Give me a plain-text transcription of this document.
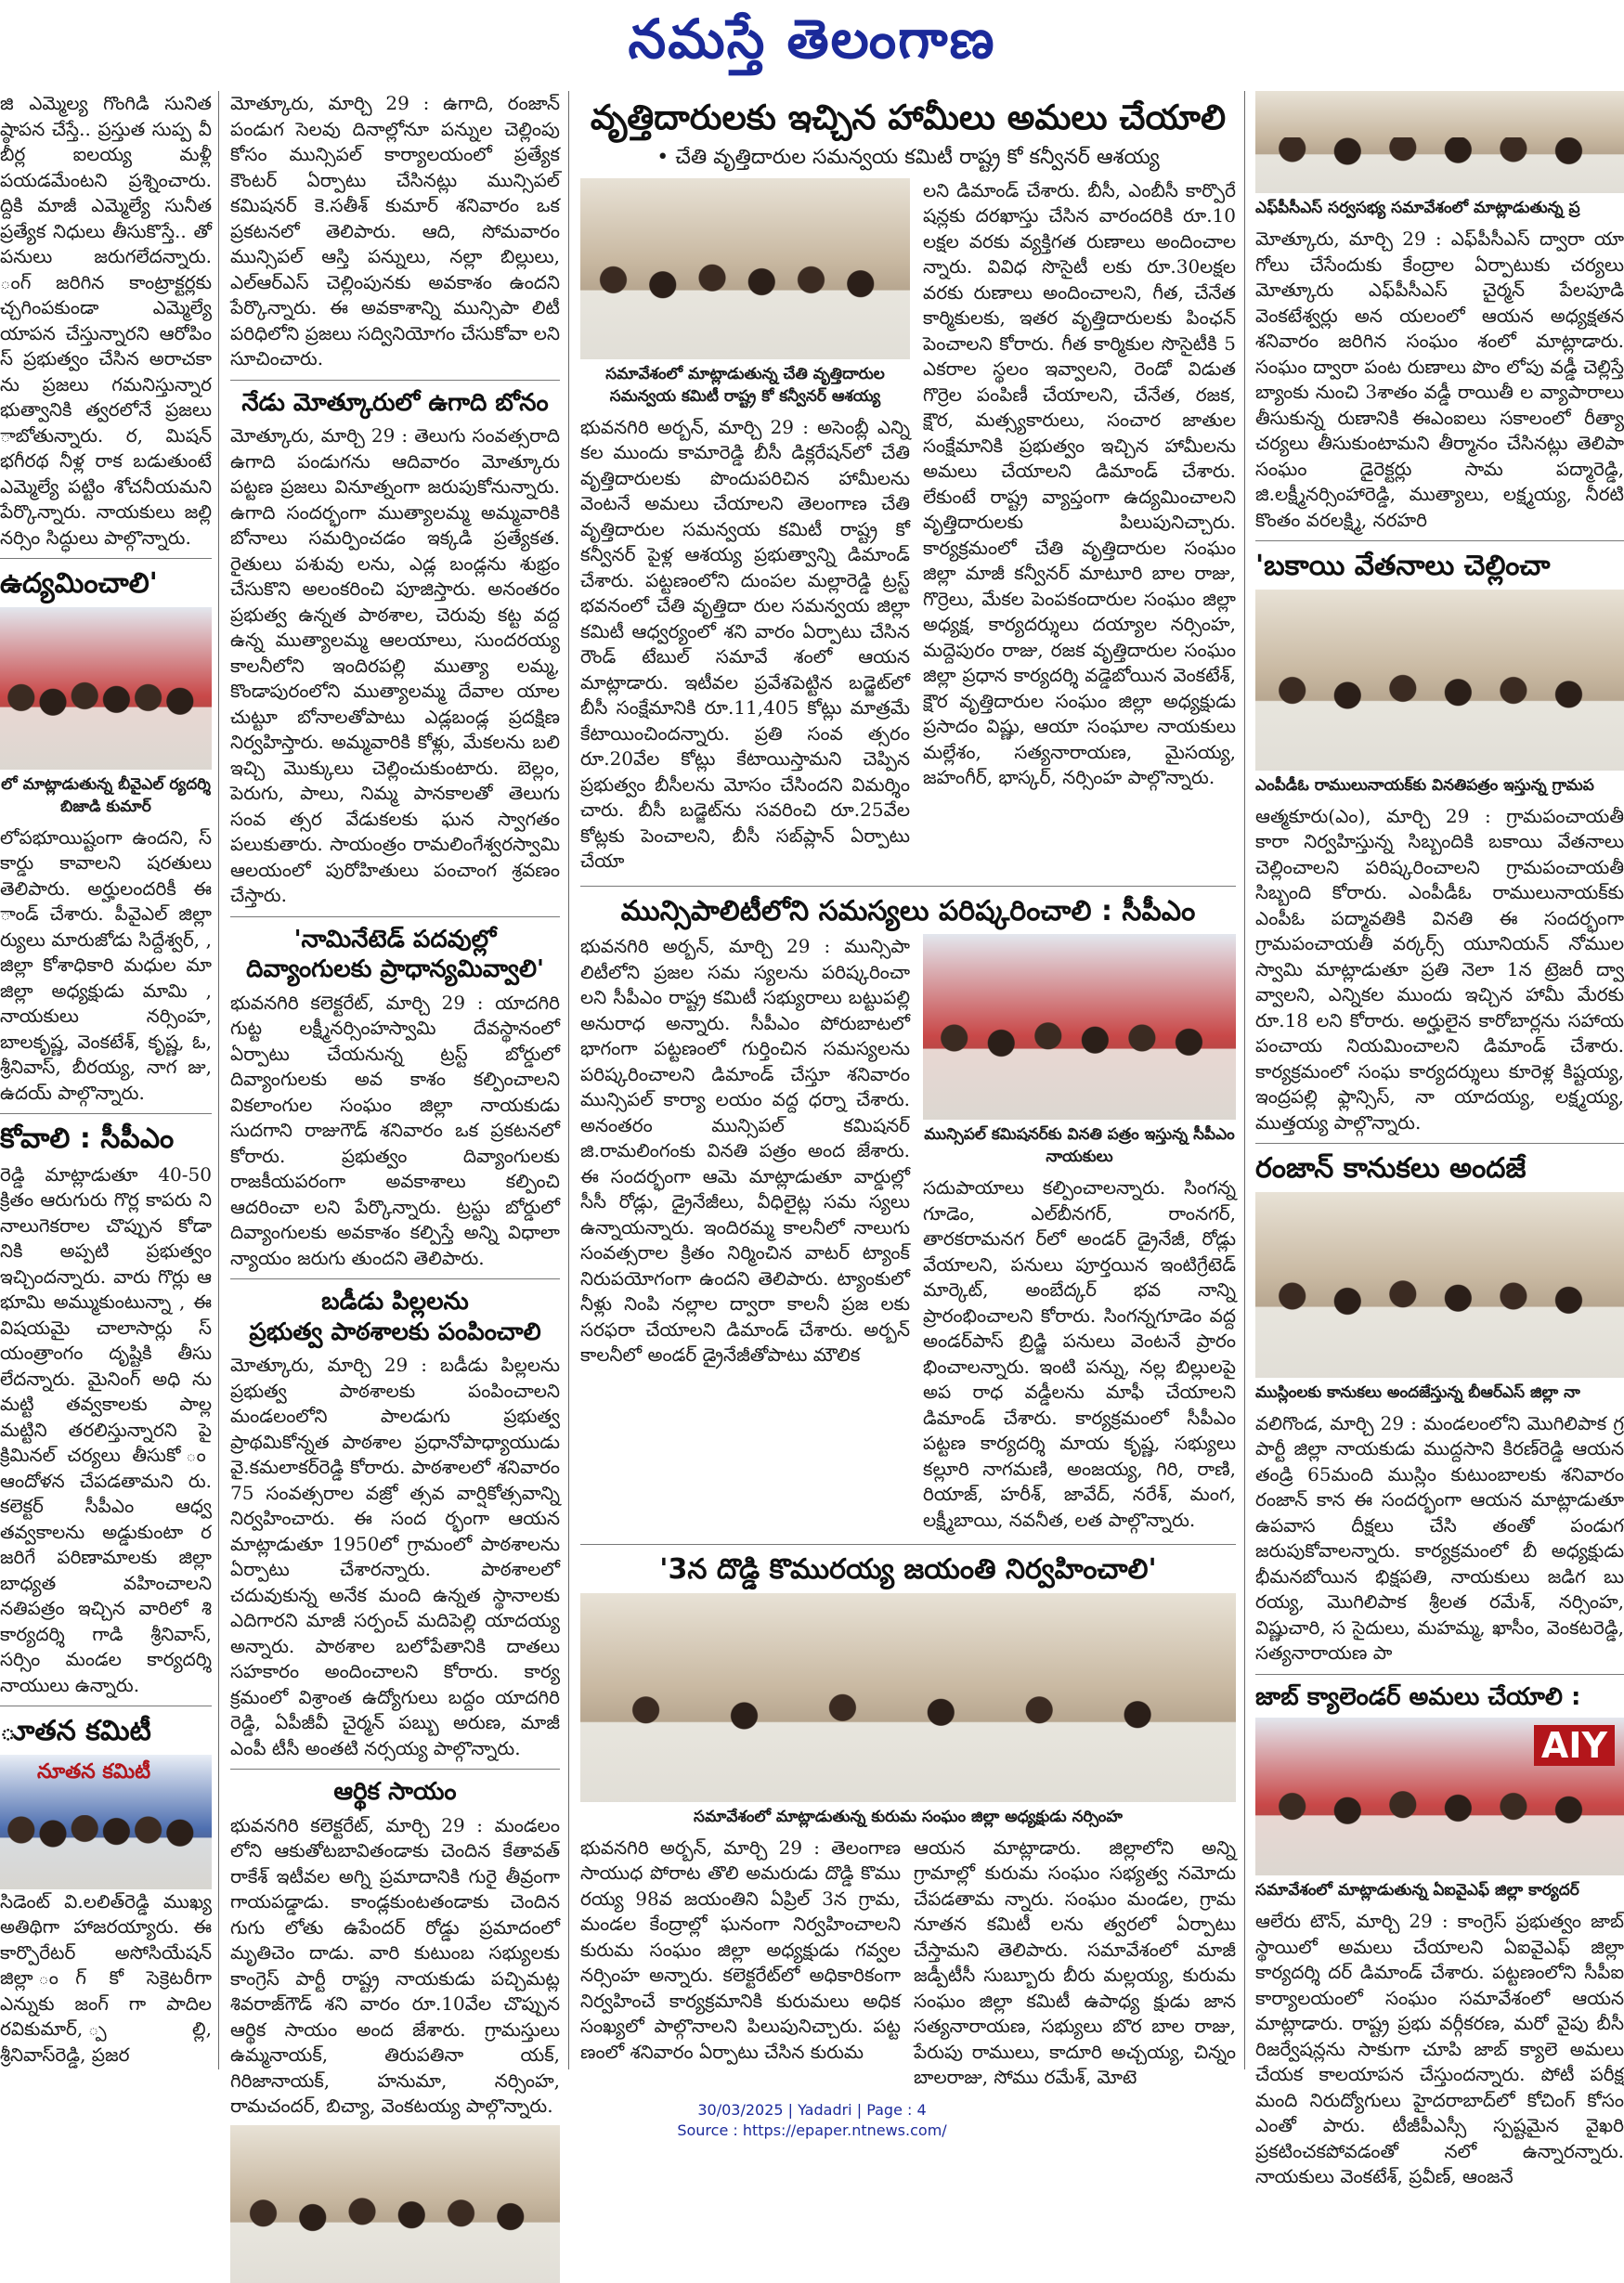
నమస్తే తెలంగాణ

జి ఎమ్మెల్య గొంగిడి సునిత ష్ఠాపన చేస్తే.. ప్రస్తుత సుప్ప వీ బీర్ల ఐలయ్య మళ్లీ పయడమేంటని ప్రశ్నించారు. ద్దికి మాజీ ఎమ్మెల్యే సునీత ప్రత్యేక నిధులు తీసుకొస్తే.. తో పనులు జరుగలేదన్నారు. ంగ్ జరిగిన కాంట్రాక్టర్లకు చ్చగింపకుండా ఎమ్మెల్యే యాపన చేస్తున్నారని ఆరోపిం స్ ప్రభుత్వం చేసిన అరాచకా ను ప్రజలు గమనిస్తున్నార భుత్వానికి త్వరలోనే ప్రజలు ాబోతున్నారు. ర, మిషన్ భగీరథ నీళ్ల రాక బడుతుంటే ఎమ్మెల్యే పట్టిం శోచనీయమని పేర్కొన్నారు. నాయకులు జల్లి నర్సిం సిద్ధులు పాల్గొన్నారు.

ఉద్యమించాలి'
లో మాట్లాడుతున్న బీవైఎల్ ర్యదర్శి బిజాడి కుమార్

లోపభూయిష్టంగా ఉందని, స్ కార్డు కావాలని షరతులు తెలిపారు. అర్హులందరికీ ఈ ాండ్ చేశారు. పీవైఎల్ జిల్లా ర్యులు మారుజోడు సిద్దేశ్వర్, , జిల్లా కోశాధికారి మధుల మా జిల్లా అధ్యక్షుడు మామి , నాయకులు నర్సింహ, బాలకృష్ణ, వెంకటేశ్, కృష్ణ, ఓ, శ్రీనివాస్, బీరయ్య, నాగ జు, ఉదయ్ పాల్గొన్నారు.

కోవాలి : సీపీఎం

రెడ్డి మాట్లాడుతూ 40-50 క్రితం ఆరుగురు గొర్ల కాపరు ని నాలుగెకరాల చొప్పున కోడా నికి అప్పటి ప్రభుత్వం ఇచ్చిందన్నారు. వారు గొర్లు ఆ భూమి అమ్ముకుంటున్నా , ఈ విషయమై చాలాసార్లు స్ యంత్రాంగం దృష్టికి తీసు లేదన్నారు. మైనింగ్ అధి ను మట్టి తవ్వకాలకు పాల్ల మట్టిని తరలిస్తున్నారని పై క్రిమినల్ చర్యలు తీసుకో ం ఆందోళన చేపడతామని రు. కలెక్టర్ సీపీఎం ఆధ్వ తవ్వకాలను అడ్డుకుంటా ర జరిగే పరిణామాలకు జిల్లా బాధ్యత వహించాలని నతిపత్రం ఇచ్చిన వారిలో శి కార్యదర్శి గాడి శ్రీనివాస్, సర్సిం మండల కార్యదర్శి నాయులు ఉన్నారు.

ూతన కమిటీ
నూతన కమిటీ

సిడెంట్ వి.లలిత్‌రెడ్డి ముఖ్య అతిథిగా హాజరయ్యారు. ఈ కార్పొరేటర్ అసోసియేషన్ జిల్లా ంగ్ కో సెక్రెటరీగా ఎన్నుకు జంగ్ గా పాదిల రవికుమార్, ్పల్లి, శ్రీనివాస్‌రెడ్డి, ప్రజర

మోత్కూరు, మార్చి 29 : ఉగాది, రంజాన్ పండుగ సెలవు దినాల్లోనూ పన్నుల చెల్లింపు కోసం మున్సిపల్ కార్యాలయంలో ప్రత్యేక కౌంటర్ ఏర్పాటు చేసినట్లు మున్సిపల్ కమిషనర్ కె.సతీశ్ కుమార్ శనివారం ఒక ప్రకటనలో తెలిపారు. ఆది, సోమవారం మున్సిపల్ ఆస్తి పన్నులు, నల్లా బిల్లులు, ఎల్ఆర్ఎస్ చెల్లింపునకు అవకాశం ఉందని పేర్కొన్నారు. ఈ అవకాశాన్ని మున్సిపా లిటీ పరిధిలోని ప్రజలు సద్వినియోగం చేసుకోవా లని సూచించారు.

నేడు మోత్కూరులో ఉగాది బోనం

మోత్కూరు, మార్చి 29 : తెలుగు సంవత్సరాది ఉగాది పండుగను ఆదివారం మోత్కూరు పట్టణ ప్రజలు వినూత్నంగా జరుపుకోనున్నారు. ఉగాది సందర్భంగా ముత్యాలమ్మ అమ్మవారికి బోనాలు సమర్పించడం ఇక్కడి ప్రత్యేకత. రైతులు పశువు లను, ఎడ్ల బండ్లను శుభ్రం చేసుకొని అలంకరించి పూజిస్తారు. అనంతరం ప్రభుత్వ ఉన్నత పాఠశాల, చెరువు కట్ట వద్ద ఉన్న ముత్యాలమ్మ ఆలయాలు, సుందరయ్య కాలనీలోని ఇందిరపల్లి ముత్యా లమ్మ, కొండాపురంలోని ముత్యాలమ్మ దేవాల యాల చుట్టూ బోనాలతోపాటు ఎడ్లబండ్ల ప్రదక్షిణ నిర్వహిస్తారు. అమ్మవారికి కోళ్లు, మేకలను బలి ఇచ్చి మొక్కులు చెల్లించుకుంటారు. బెల్లం, పెరుగు, పాలు, నిమ్మ పానకాలతో తెలుగు సంవ త్సర వేడుకలకు ఘన స్వాగతం పలుకుతారు. సాయంత్రం రామలింగేశ్వరస్వామి ఆలయంలో పురోహితులు పంచాంగ శ్రవణం చేస్తారు.

'నామినేటెడ్ పదవుల్లో
దివ్యాంగులకు ప్రాధాన్యమివ్వాలి'

భువనగిరి కలెక్టరేట్, మార్చి 29 : యాదగిరి గుట్ట లక్ష్మీనర్సింహస్వామి దేవస్థానంలో ఏర్పాటు చేయనున్న ట్రస్ట్ బోర్డులో దివ్యాంగులకు అవ కాశం కల్పించాలని వికలాంగుల సంఘం జిల్లా నాయకుడు సుదగాని రాజుగౌడ్ శనివారం ఒక ప్రకటనలో కోరారు. ప్రభుత్వం దివ్యాంగులకు రాజకీయపరంగా అవకాశాలు కల్పించి ఆదరించా లని పేర్కొన్నారు. ట్రస్టు బోర్డులో దివ్యాంగులకు అవకాశం కల్పిస్తే అన్ని విధాలా న్యాయం జరుగు తుందని తెలిపారు.

బడీడు పిల్లలను
ప్రభుత్వ పాఠశాలకు పంపించాలి

మోత్కూరు, మార్చి 29 : బడీడు పిల్లలను ప్రభుత్వ పాఠశాలకు పంపించాలని మండలంలోని పాలడుగు ప్రభుత్వ ప్రాథమికోన్నత పాఠశాల ప్రధానోపాధ్యాయుడు వై.కమలాకర్‌రెడ్డి కోరారు. పాఠశాలలో శనివారం 75 సంవత్సరాల వజ్రో త్సవ వార్షికోత్సవాన్ని నిర్వహించారు. ఈ సంద ర్భంగా ఆయన మాట్లాడుతూ 1950లో గ్రామంలో పాఠశాలను ఏర్పాటు చేశారన్నారు. పాఠశాలలో చదువుకున్న అనేక మంది ఉన్నత స్థానాలకు ఎదిగారని మాజీ సర్పంచ్ మదిపెల్లి యాదయ్య అన్నారు. పాఠశాల బలోపేతానికి దాతలు సహకారం అందించాలని కోరారు. కార్య క్రమంలో విశ్రాంత ఉద్యోగులు బద్దం యాదగిరి రెడ్డి, ఏపీజీవీ చైర్మన్ పబ్బు అరుణ, మాజీ ఎంపీ టీసీ అంతటి నర్సయ్య పాల్గొన్నారు.

ఆర్థిక సాయం

భువనగిరి కలెక్టరేట్, మార్చి 29 : మండలం లోని ఆకుతోటబావితండాకు చెందిన కేతావత్ రాకేశ్ ఇటీవల అగ్ని ప్రమాదానికి గురై తీవ్రంగా గాయపడ్డాడు. కాండ్లకుంటతండాకు చెందిన గుగు లోతు ఉపేందర్ రోడ్డు ప్రమాదంలో మృతిచెం దాడు. వారి కుటుంబ సభ్యులకు కాంగ్రెస్ పార్టీ రాష్ట్ర నాయకుడు పచ్చిమట్ల శివరాజ్‌గౌడ్ శని వారం రూ.10వేల చొప్పున ఆర్థిక సాయం అంద జేశారు. గ్రామస్తులు ఉమ్మనాయక్, తిరుపతినా యక్, గిరిజానాయక్, హనుమా, నర్సింహ, రామచందర్, బిచ్యా, వెంకటయ్య పాల్గొన్నారు.

వృత్తిదారులకు ఇచ్చిన హామీలు అమలు చేయాలి
• చేతి వృత్తిదారుల సమన్వయ కమిటీ రాష్ట్ర కో కన్వీనర్ ఆశయ్య
సమావేశంలో మాట్లాడుతున్న చేతి వృత్తిదారుల సమన్వయ కమిటీ రాష్ట్ర కో కన్వీనర్ ఆశయ్య

భువనగిరి అర్బన్, మార్చి 29 : అసెంబ్లీ ఎన్ని కల ముందు కామారెడ్డి బీసీ డిక్లరేషన్‌లో చేతి వృత్తిదారులకు పొందుపరిచిన హామీలను వెంటనే అమలు చేయాలని తెలంగాణ చేతి వృత్తిదారుల సమన్వయ కమిటీ రాష్ట్ర కో కన్వీనర్ పైళ్ల ఆశయ్య ప్రభుత్వాన్ని డిమాండ్ చేశారు. పట్టణంలోని దుంపల మల్లారెడ్డి ట్రస్ట్ భవనంలో చేతి వృత్తిదా రుల సమన్వయ జిల్లా కమిటీ ఆధ్వర్యంలో శని వారం ఏర్పాటు చేసిన రౌండ్ టేబుల్ సమావే శంలో ఆయన మాట్లాడారు. ఇటీవల ప్రవేశపెట్టిన బడ్జెట్‌లో బీసీ సంక్షేమానికి రూ.11,405 కోట్లు మాత్రమే కేటాయించిందన్నారు. ప్రతి సంవ త్సరం రూ.20వేల కోట్లు కేటాయిస్తామని చెప్పిన ప్రభుత్వం బీసీలను మోసం చేసిందని విమర్శిం చారు. బీసీ బడ్జెట్‌ను సవరించి రూ.25వేల కోట్లకు పెంచాలని, బీసీ సబ్‌ప్లాన్ ఏర్పాటు చేయా

లని డిమాండ్ చేశారు. బీసీ, ఎంబీసీ కార్పొరే షన్లకు దరఖాస్తు చేసిన వారందరికి రూ.10 లక్షల వరకు వ్యక్తిగత రుణాలు అందించాల న్నారు. వివిధ సొసైటీ లకు రూ.30లక్షల వరకు రుణాలు అందించాలని, గీత, చేనేత కార్మికులకు, ఇతర వృత్తిదారులకు పింఛన్ పెంచాలని కోరారు. గీత కార్మికుల సొసైటీకి 5 ఎకరాల స్థలం ఇవ్వాలని, రెండో విడుత గొర్రెల పంపిణీ చేయాలని, చేనేత, రజక, క్షౌర, మత్స్యకారులు, సంచార జాతుల సంక్షేమానికి ప్రభుత్వం ఇచ్చిన హామీలను అమలు చేయాలని డిమాండ్ చేశారు. లేకుంటే రాష్ట్ర వ్యాప్తంగా ఉద్యమించాలని వృత్తిదారులకు పిలుపునిచ్చారు. కార్యక్రమంలో చేతి వృత్తిదారుల సంఘం జిల్లా మాజీ కన్వీనర్ మాటూరి బాల రాజు, గొర్రెలు, మేకల పెంపకందారుల సంఘం జిల్లా అధ్యక్ష, కార్యదర్శులు దయ్యాల నర్సింహ, మద్దెపురం రాజు, రజక వృత్తిదారుల సంఘం జిల్లా ప్రధాన కార్యదర్శి వడ్డెబోయిన వెంకటేశ్, క్షౌర వృత్తిదారుల సంఘం జిల్లా అధ్యక్షుడు ప్రసాదం విష్ణు, ఆయా సంఘాల నాయకులు మల్లేశం, సత్యనారాయణ, మైసయ్య, జహంగీర్, భాస్కర్, నర్సింహ పాల్గొన్నారు.

మున్సిపాలిటీలోని సమస్యలు పరిష్కరించాలి : సీపీఎం

భువనగిరి అర్బన్, మార్చి 29 : మున్సిపా లిటీలోని ప్రజల సమ స్యలను పరిష్కరించా లని సీపీఎం రాష్ట్ర కమిటీ సభ్యురాలు బట్టుపల్లి అనురాధ అన్నారు. సీపీఎం పోరుబాటలో భాగంగా పట్టణంలో గుర్తించిన సమస్యలను పరిష్కరించాలని డిమాండ్ చేస్తూ శనివారం మున్సిపల్ కార్యా లయం వద్ద ధర్నా చేశారు. అనంతరం మున్సిపల్ కమిషనర్ జి.రామలింగంకు వినతి పత్రం అంద జేశారు. ఈ సందర్భంగా ఆమె మాట్లాడుతూ వార్డుల్లో సీసీ రోడ్లు, డ్రైనేజీలు, వీధిలైట్ల సమ స్యలు ఉన్నాయన్నారు. ఇందిరమ్మ కాలనీలో నాలుగు సంవత్సరాల క్రితం నిర్మించిన వాటర్ ట్యాంక్ నిరుపయోగంగా ఉందని తెలిపారు. ట్యాంకులో నీళ్లు నింపి నల్లాల ద్వారా కాలనీ ప్రజ లకు సరఫరా చేయాలని డిమాండ్ చేశారు. అర్బన్ కాలనీలో అండర్ డ్రైనేజీతోపాటు మౌలిక

మున్సిపల్ కమిషనర్‌కు వినతి పత్రం ఇస్తున్న సీపీఎం నాయకులు

సదుపాయాలు కల్పించాలన్నారు. సింగన్న గూడెం, ఎల్‌బీనగర్, రాంనగర్, తారకరామనగ ర్‌లో అండర్ డ్రైనేజీ, రోడ్లు వేయాలని, పనులు పూర్తయిన ఇంటిగ్రేటెడ్ మార్కెట్, అంబేద్కర్ భవ నాన్ని ప్రారంభించాలని కోరారు. సింగన్నగూడెం వద్ద అండర్‌పాస్ బ్రిడ్జి పనులు వెంటనే ప్రారం భించాలన్నారు. ఇంటి పన్ను, నల్ల బిల్లులపై అప రాధ వడ్డీలను మాఫీ చేయాలని డిమాండ్ చేశారు. కార్యక్రమంలో సీపీఎం పట్టణ కార్యదర్శి మాయ కృష్ణ, సభ్యులు కల్లూరి నాగమణి, అంజయ్య, గిరి, రాణి, రియాజ్, హరీశ్, జావేద్, నరేశ్, మంగ, లక్ష్మీబాయి, నవనీత, లత పాల్గొన్నారు.

'3న దొడ్డి కొమురయ్య జయంతి నిర్వహించాలి'
సమావేశంలో మాట్లాడుతున్న కురుమ సంఘం జిల్లా అధ్యక్షుడు నర్సింహ

భువనగిరి అర్బన్, మార్చి 29 : తెలంగాణ సాయుధ పోరాట తొలి అమరుడు దొడ్డి కొము రయ్య 98వ జయంతిని ఏప్రిల్ 3న గ్రామ, మండల కేంద్రాల్లో ఘనంగా నిర్వహించాలని కురుమ సంఘం జిల్లా అధ్యక్షుడు గవ్వల నర్సింహ అన్నారు. కలెక్టరేట్‌లో అధికారికంగా నిర్వహించే కార్యక్రమానికి కురుమలు అధిక సంఖ్యలో పాల్గొనాలని పిలుపునిచ్చారు. పట్ట ణంలో శనివారం ఏర్పాటు చేసిన కురుమ

ఆయన మాట్లాడారు. జిల్లాలోని అన్ని గ్రామాల్లో కురుమ సంఘం సభ్యత్వ నమోదు చేపడతామ న్నారు. సంఘం మండల, గ్రామ నూతన కమిటీ లను త్వరలో ఏర్పాటు చేస్తామని తెలిపారు. సమావేశంలో మాజీ జడ్పీటీసీ సుబ్బూరు బీరు మల్లయ్య, కురుమ సంఘం జిల్లా కమిటీ ఉపాధ్య క్షుడు జాన సత్యనారాయణ, సభ్యులు బొర బాల రాజు, పేరుపు రాములు, కాదూరి అచ్చయ్య, చిన్నం బాలరాజు, సోము రమేశ్, మోటె

ఎఫ్‌పీసీఎస్ సర్వసభ్య సమావేశంలో మాట్లాడుతున్న ప్ర

మోత్కూరు, మార్చి 29 : ఎఫ్‌పీసీఎస్ ద్వారా యా గోలు చేసేందుకు కేంద్రాల ఏర్పాటుకు చర్యలు మోత్కూరు ఎఫ్‌పీసీఎస్ చైర్మన్ పేలపూడి వెంకటేశ్వర్లు అన యలంలో ఆయన అధ్యక్షతన శనివారం జరిగిన సంఘం శంలో మాట్లాడారు. సంఘం ద్వారా పంట రుణాలు పొం లోపు వడ్డీ చెల్లిస్తే బ్యాంకు నుంచి 3శాతం వడ్డీ రాయితీ ల వ్యాపారాలు తీసుకున్న రుణానికి ఈఎంఐలు సకాలంలో రీత్యా చర్యలు తీసుకుంటామని తీర్మానం చేసినట్లు తెలిపా సంఘం డైరెక్టర్లు సామ పద్మారెడ్డి, జి.లక్ష్మీనర్సింహారెడ్డి, ముత్యాలు, లక్ష్మయ్య, నీరటి కొంతం వరలక్ష్మి, నరహరి

'బకాయి వేతనాలు చెల్లించా
ఎంపీడీఓ రాములునాయక్‌కు వినతిపత్రం ఇస్తున్న గ్రామప

ఆత్మకూరు(ఎం), మార్చి 29 : గ్రామపంచాయతీ కారా నిర్వహిస్తున్న సిబ్బందికి బకాయి వేతనాలు చెల్లించాలని పరిష్కరించాలని గ్రామపంచాయతీ సిబ్బంది కోరారు. ఎంపీడీఓ రాములునాయక్‌కు ఎంపీఓ పద్మావతికి వినతి ఈ సందర్భంగా గ్రామపంచాయతీ వర్కర్స్ యూనియన్ నోముల స్వామి మాట్లాడుతూ ప్రతి నెలా 1న ట్రెజరీ ద్వా వ్వాలని, ఎన్నికల ముందు ఇచ్చిన హామీ మేరకు రూ.18 లని కోరారు. అర్హులైన కారోబార్లను సహాయ పంచాయ నియమించాలని డిమాండ్ చేశారు. కార్యక్రమంలో సంఘ కార్యదర్శులు కూరెళ్ల కిష్టయ్య, ఇంద్రపల్లి ఫ్లాన్సిస్, నా యాదయ్య, లక్ష్మయ్య, ముత్తయ్య పాల్గొన్నారు.

రంజాన్ కానుకలు అందజే
ముస్లింలకు కానుకలు అందజేస్తున్న బీఆర్ఎస్ జిల్లా నా

వలిగొండ, మార్చి 29 : మండలంలోని మొగిలిపాక గ్ర పార్టీ జిల్లా నాయకుడు ముద్దసాని కిరణ్‌రెడ్డి ఆయన తండ్రి 65మంది ముస్లిం కుటుంబాలకు శనివారం రంజాన్ కాన ఈ సందర్భంగా ఆయన మాట్లాడుతూ ఉపవాస దీక్షలు చేసి తంతో పండుగ జరుపుకోవాలన్నారు. కార్యక్రమంలో బీ అధ్యక్షుడు భీమనబోయిన భిక్షపతి, నాయకులు జడిగ బు రయ్య, మొగిలిపాక శ్రీలత రమేశ్, నర్సింహ, విష్ణుచారి, స సైదులు, మహమ్మ, ఖాసీం, వెంకటరెడ్డి, సత్యనారాయణ పా

జాబ్ క్యాలెండర్ అమలు చేయాలి :
AIY
సమావేశంలో మాట్లాడుతున్న ఏఐవైఎఫ్ జిల్లా కార్యదర్

ఆలేరు టౌన్, మార్చి 29 : కాంగ్రెస్ ప్రభుత్వం జాబ్ స్థాయిలో అమలు చేయాలని ఏఐవైఎఫ్ జిల్లా కార్యదర్శి దర్ డిమాండ్ చేశారు. పట్టణంలోని సీపీఐ కార్యాలయంలో సంఘం సమావేశంలో ఆయన మాట్లాడారు. రాష్ట్ర ప్రభు వర్గీకరణ, మరో వైపు బీసీ రిజర్వేషన్లను సాకుగా చూపి జాబ్ క్యాలె అమలు చేయక కాలయాపన చేస్తుందన్నారు. పోటీ పరీక్ష మంది నిరుద్యోగులు హైదరాబాద్‌లో కోచింగ్ కోసం ఎంతో పారు. టీజీపీఎస్సీ స్పష్టమైన వైఖరి ప్రకటించకపోవడంతో నలో ఉన్నారన్నారు. నాయకులు వెంకటేశ్, ప్రవీణ్, ఆంజనే

30/03/2025 | Yadadri | Page : 4
Source : https://epaper.ntnews.com/
